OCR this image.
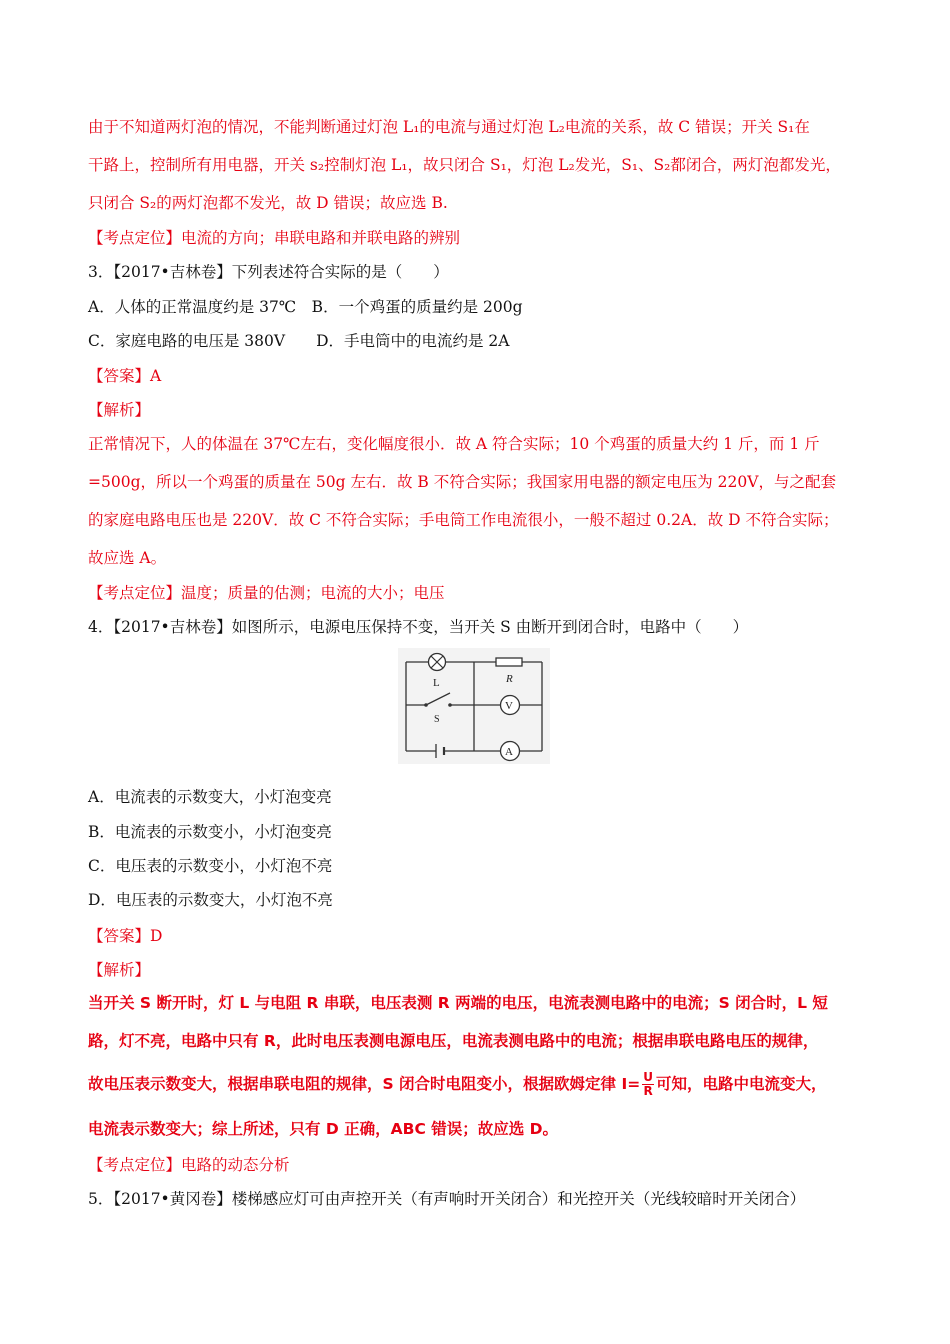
由于不知道两灯泡的情况，不能判断通过灯泡 L₁的电流与通过灯泡 L₂电流的关系，故 C 错误；开关 S₁在
干路上，控制所有用电器，开关 s₂控制灯泡 L₁，故只闭合 S₁，灯泡 L₂发光，S₁、S₂都闭合，两灯泡都发光，
只闭合 S₂的两灯泡都不发光，故 D 错误；故应选 B.
【考点定位】电流的方向；串联电路和并联电路的辨别
3．【2017•吉林卷】下列表述符合实际的是（　　）
A．人体的正常温度约是 37℃　B．一个鸡蛋的质量约是 200g
C．家庭电路的电压是 380V　　D．手电筒中的电流约是 2A
【答案】A
【解析】
正常情况下，人的体温在 37℃左右，变化幅度很小．故 A 符合实际；10 个鸡蛋的质量大约 1 斤，而 1 斤
=500g，所以一个鸡蛋的质量在 50g 左右．故 B 不符合实际；我国家用电器的额定电压为 220V，与之配套
的家庭电路电压也是 220V．故 C 不符合实际；手电筒工作电流很小，一般不超过 0.2A．故 D 不符合实际；
故应选 A。
【考点定位】温度；质量的估测；电流的大小；电压
4．【2017•吉林卷】如图所示，电源电压保持不变，当开关 S 由断开到闭合时，电路中（　　）
L	R
S
V
A
A．电流表的示数变大，小灯泡变亮
B．电流表的示数变小，小灯泡变亮
C．电压表的示数变小，小灯泡不亮
D．电压表的示数变大，小灯泡不亮
【答案】D
【解析】
当开关 S 断开时，灯 L 与电阻 R 串联，电压表测 R 两端的电压，电流表测电路中的电流；S 闭合时，L 短
路，灯不亮，电路中只有 R，此时电压表测电源电压，电流表测电路中的电流；根据串联电路电压的规律，
故电压表示数变大，根据串联电阻的规律，S 闭合时电阻变小，根据欧姆定律 $I= \frac{U}{R}$ 可知，电路中电流变大，
电流表示数变大；综上所述，只有 D 正确，ABC 错误；故应选 D。
【考点定位】电路的动态分析
5．【2017•黄冈卷】楼梯感应灯可由声控开关（有声响时开关闭合）和光控开关（光线较暗时开关闭合）
